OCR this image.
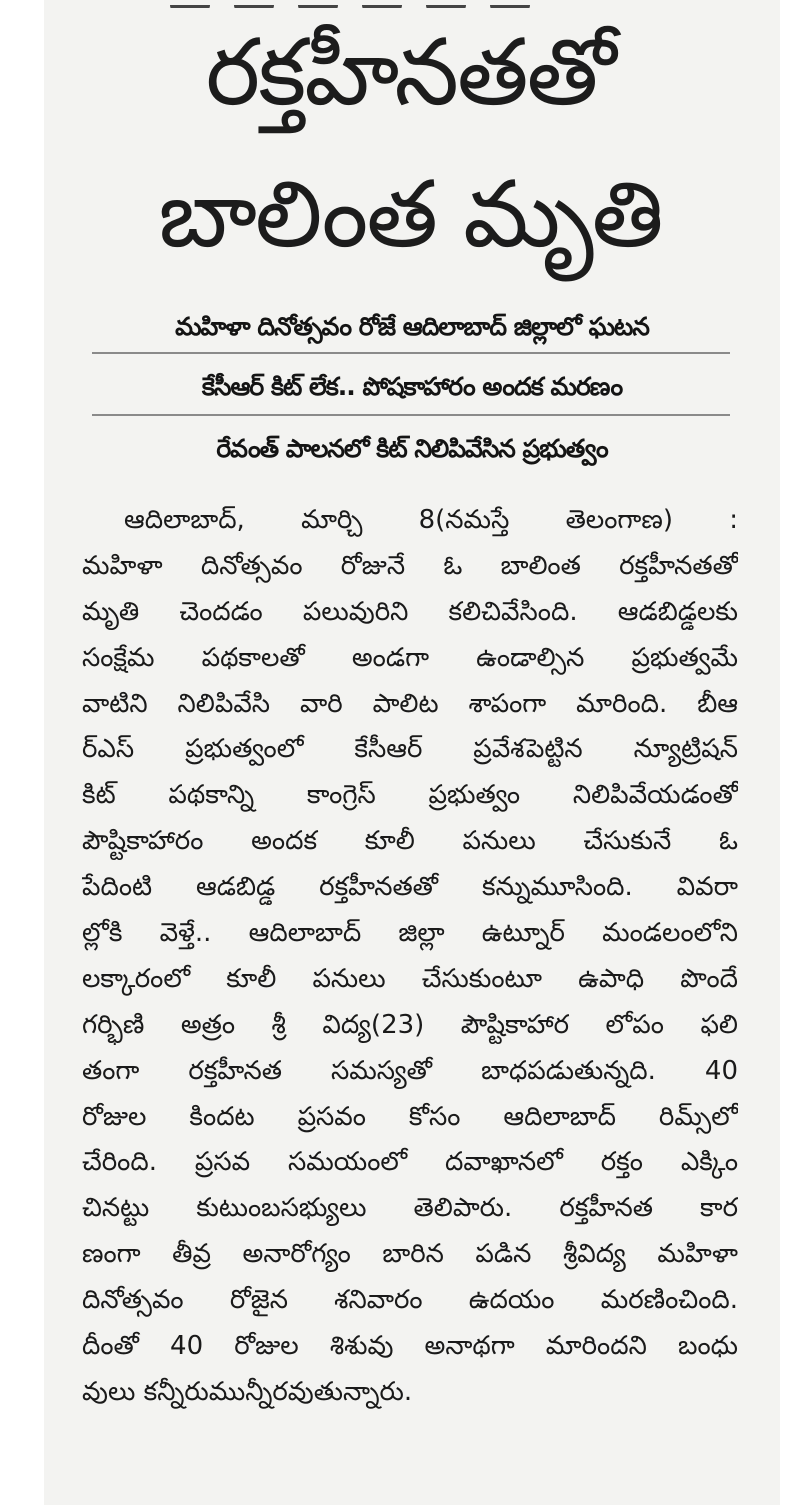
రక్తహీనతతో
బాలింత మృతి
మహిళా దినోత్సవం రోజే ఆదిలాబాద్‌ జిల్లాలో ఘటన
కేసీఆర్‌ కిట్‌ లేక.. పోషకాహారం అందక మరణం
రేవంత్‌ పాలనలో కిట్‌ నిలిపివేసిన ప్రభుత్వం
ఆదిలాబాద్‌, మార్చి 8(నమస్తే తెలంగాణ) :
మహిళా దినోత్సవం రోజునే ఓ బాలింత రక్తహీనతతో
మృతి చెందడం పలువురిని కలిచివేసింది. ఆడబిడ్డలకు
సంక్షేమ పథకాలతో అండగా ఉండాల్సిన ప్రభుత్వమే
వాటిని నిలిపివేసి వారి పాలిట శాపంగా మారింది. బీఆ
ర్‌ఎస్‌ ప్రభుత్వంలో కేసీఆర్‌ ప్రవేశపెట్టిన న్యూట్రిషన్‌
కిట్‌ పథకాన్ని కాంగ్రెస్‌ ప్రభుత్వం నిలిపివేయడంతో
పౌష్టికాహారం అందక కూలీ పనులు చేసుకునే ఓ
పేదింటి ఆడబిడ్డ రక్తహీనతతో కన్నుమూసింది. వివరా
ల్లోకి వెళ్తే.. ఆదిలాబాద్‌ జిల్లా ఉట్నూర్‌ మండలంలోని
లక్కారంలో కూలీ పనులు చేసుకుంటూ ఉపాధి పొందే
గర్భిణి అత్రం శ్రీ విద్య(23) పౌష్టికాహార లోపం ఫలి
తంగా రక్తహీనత సమస్యతో బాధపడుతున్నది. 40
రోజుల కిందట ప్రసవం కోసం ఆదిలాబాద్‌ రిమ్స్‌లో
చేరింది. ప్రసవ సమయంలో దవాఖానలో రక్తం ఎక్కిం
చినట్టు కుటుంబసభ్యులు తెలిపారు. రక్తహీనత కార
ణంగా తీవ్ర అనారోగ్యం బారిన పడిన శ్రీవిద్య మహిళా
దినోత్సవం రోజైన శనివారం ఉదయం మరణించింది.
దీంతో 40 రోజుల శిశువు అనాథగా మారిందని బంధు
వులు కన్నీరుమున్నీరవుతున్నారు.
